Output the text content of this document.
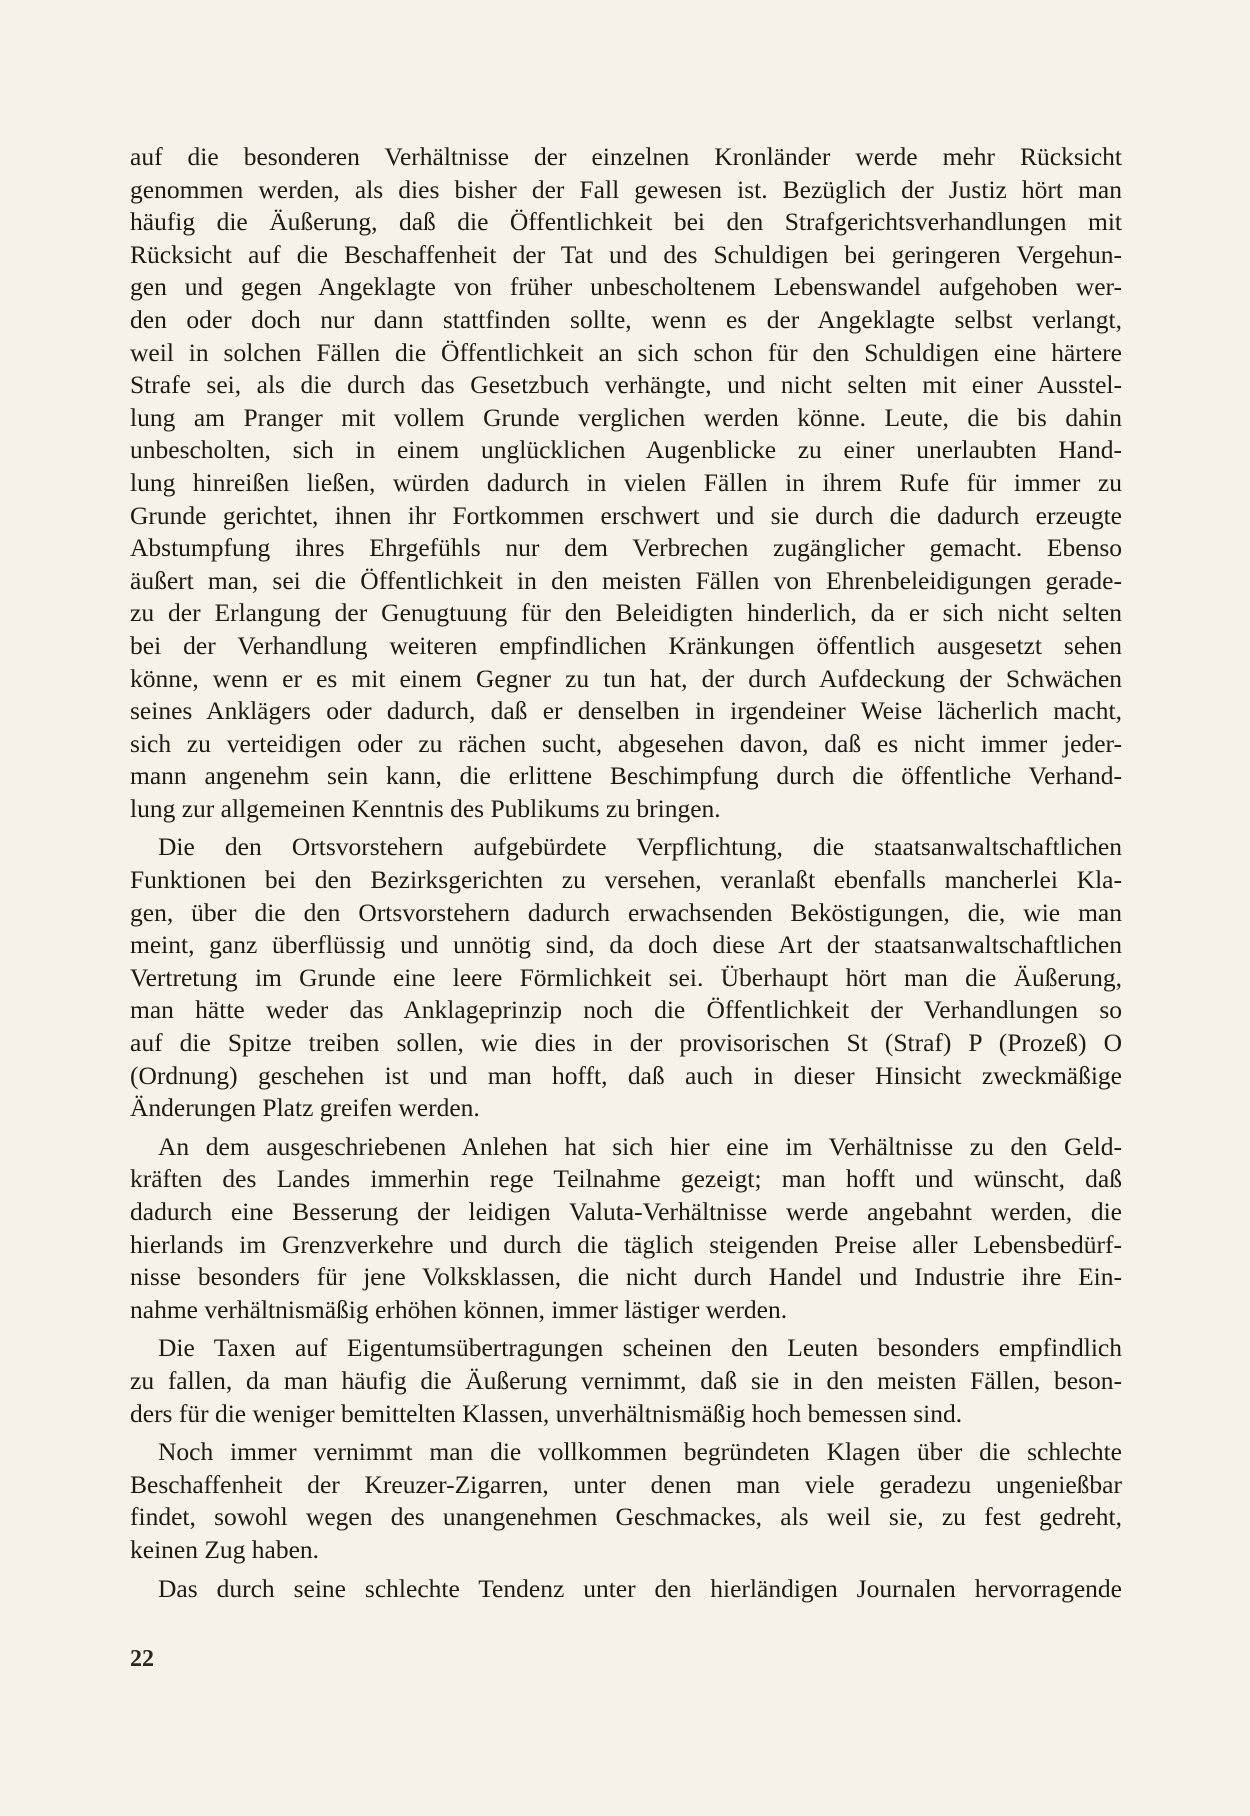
auf die besonderen Verhältnisse der einzelnen Kronländer werde mehr Rücksicht
genommen werden, als dies bisher der Fall gewesen ist. Bezüglich der Justiz hört man
häufig die Äußerung, daß die Öffentlichkeit bei den Strafgerichtsverhandlungen mit
Rücksicht auf die Beschaffenheit der Tat und des Schuldigen bei geringeren Vergehun-
gen und gegen Angeklagte von früher unbescholtenem Lebenswandel aufgehoben wer-
den oder doch nur dann stattfinden sollte, wenn es der Angeklagte selbst verlangt,
weil in solchen Fällen die Öffentlichkeit an sich schon für den Schuldigen eine härtere
Strafe sei, als die durch das Gesetzbuch verhängte, und nicht selten mit einer Ausstel-
lung am Pranger mit vollem Grunde verglichen werden könne. Leute, die bis dahin
unbescholten, sich in einem unglücklichen Augenblicke zu einer unerlaubten Hand-
lung hinreißen ließen, würden dadurch in vielen Fällen in ihrem Rufe für immer zu
Grunde gerichtet, ihnen ihr Fortkommen erschwert und sie durch die dadurch erzeugte
Abstumpfung ihres Ehrgefühls nur dem Verbrechen zugänglicher gemacht. Ebenso
äußert man, sei die Öffentlichkeit in den meisten Fällen von Ehrenbeleidigungen gerade-
zu der Erlangung der Genugtuung für den Beleidigten hinderlich, da er sich nicht selten
bei der Verhandlung weiteren empfindlichen Kränkungen öffentlich ausgesetzt sehen
könne, wenn er es mit einem Gegner zu tun hat, der durch Aufdeckung der Schwächen
seines Anklägers oder dadurch, daß er denselben in irgendeiner Weise lächerlich macht,
sich zu verteidigen oder zu rächen sucht, abgesehen davon, daß es nicht immer jeder-
mann angenehm sein kann, die erlittene Beschimpfung durch die öffentliche Verhand-
lung zur allgemeinen Kenntnis des Publikums zu bringen.
Die den Ortsvorstehern aufgebürdete Verpflichtung, die staatsanwaltschaftlichen
Funktionen bei den Bezirksgerichten zu versehen, veranlaßt ebenfalls mancherlei Kla-
gen, über die den Ortsvorstehern dadurch erwachsenden Beköstigungen, die, wie man
meint, ganz überflüssig und unnötig sind, da doch diese Art der staatsanwaltschaftlichen
Vertretung im Grunde eine leere Förmlichkeit sei. Überhaupt hört man die Äußerung,
man hätte weder das Anklageprinzip noch die Öffentlichkeit der Verhandlungen so
auf die Spitze treiben sollen, wie dies in der provisorischen St (Straf) P (Prozeß) O
(Ordnung) geschehen ist und man hofft, daß auch in dieser Hinsicht zweckmäßige
Änderungen Platz greifen werden.
An dem ausgeschriebenen Anlehen hat sich hier eine im Verhältnisse zu den Geld-
kräften des Landes immerhin rege Teilnahme gezeigt; man hofft und wünscht, daß
dadurch eine Besserung der leidigen Valuta-Verhältnisse werde angebahnt werden, die
hierlands im Grenzverkehre und durch die täglich steigenden Preise aller Lebensbedürf-
nisse besonders für jene Volksklassen, die nicht durch Handel und Industrie ihre Ein-
nahme verhältnismäßig erhöhen können, immer lästiger werden.
Die Taxen auf Eigentumsübertragungen scheinen den Leuten besonders empfindlich
zu fallen, da man häufig die Äußerung vernimmt, daß sie in den meisten Fällen, beson-
ders für die weniger bemittelten Klassen, unverhältnismäßig hoch bemessen sind.
Noch immer vernimmt man die vollkommen begründeten Klagen über die schlechte
Beschaffenheit der Kreuzer-Zigarren, unter denen man viele geradezu ungenießbar
findet, sowohl wegen des unangenehmen Geschmackes, als weil sie, zu fest gedreht,
keinen Zug haben.
Das durch seine schlechte Tendenz unter den hierländigen Journalen hervorragende
22
